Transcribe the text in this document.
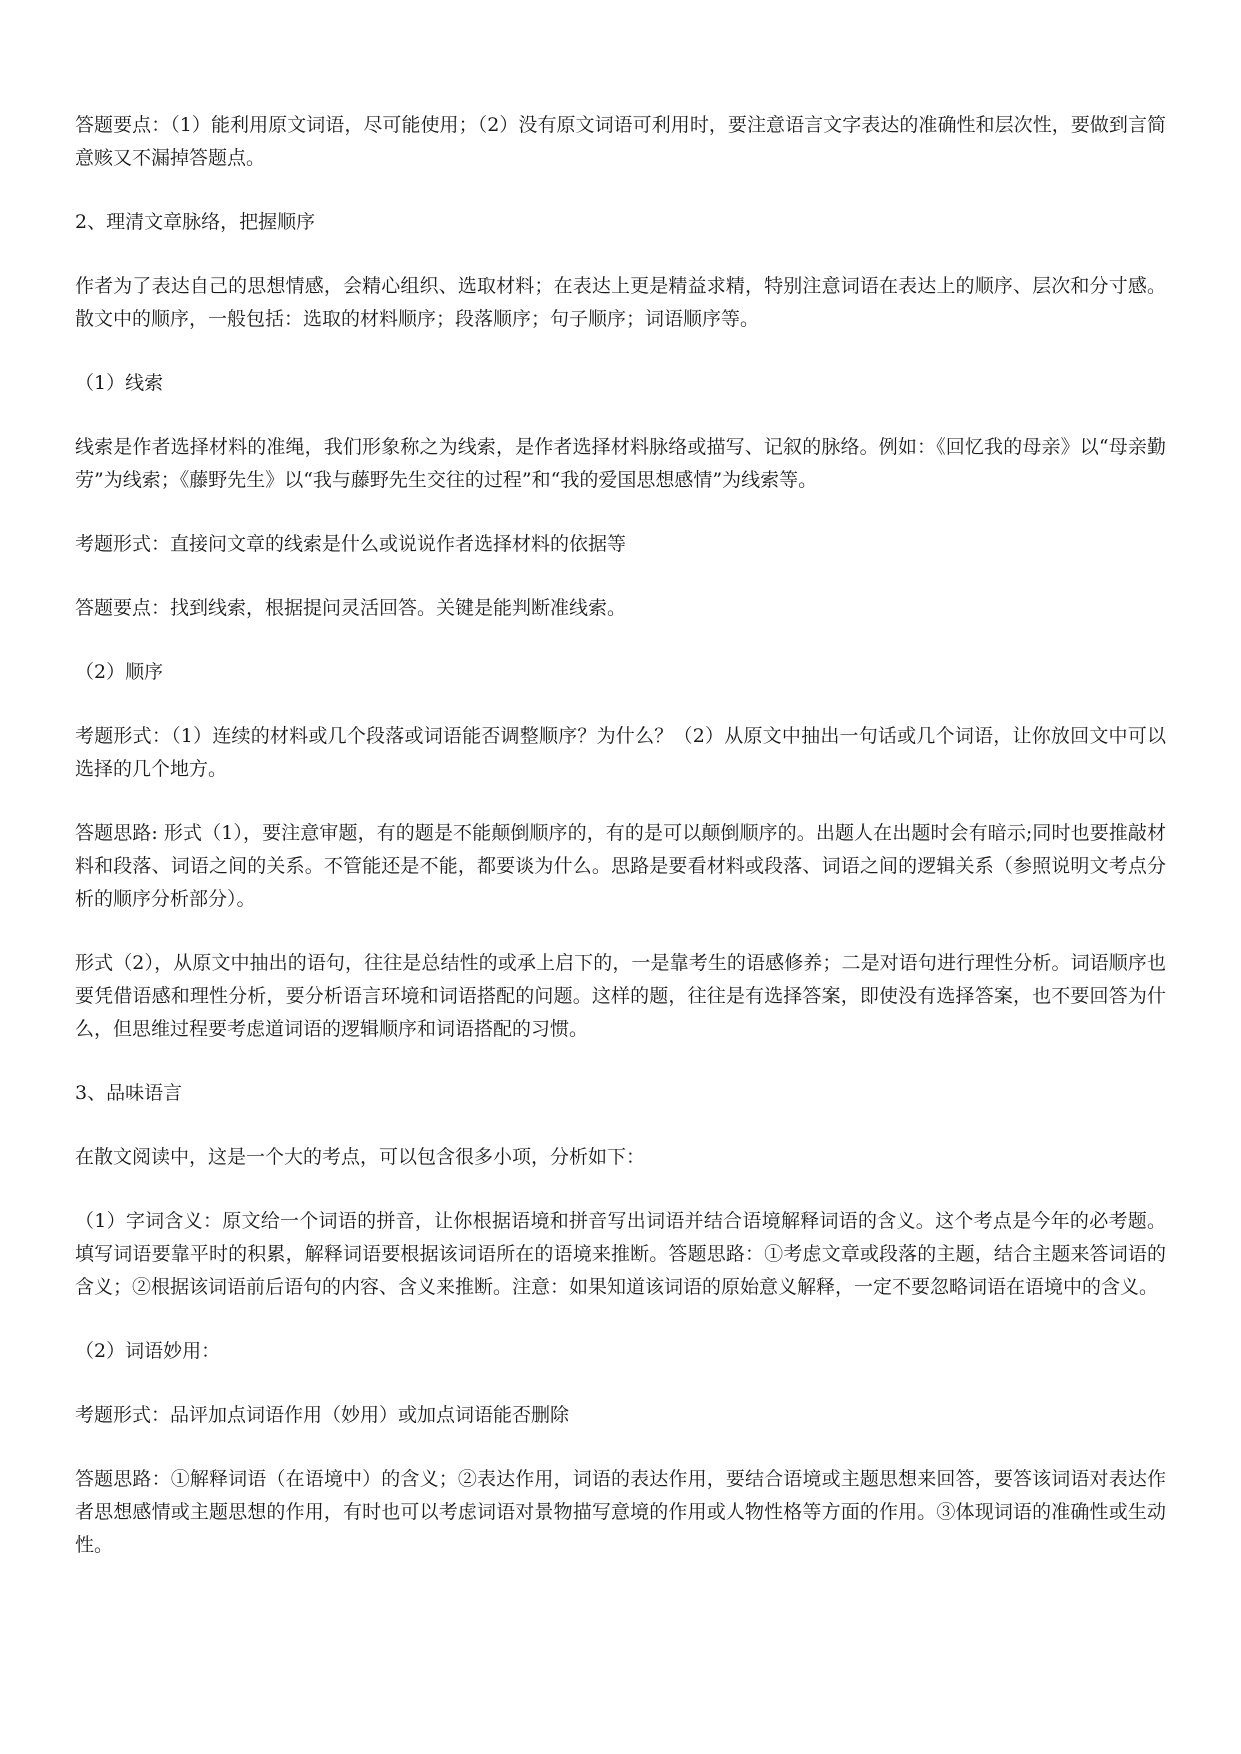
答题要点：（1）能利用原文词语，尽可能使用；（2）没有原文词语可利用时，要注意语言文字表达的准确性和层次性，要做到言简意赅又不漏掉答题点。

2、理清文章脉络，把握顺序

作者为了表达自己的思想情感，会精心组织、选取材料；在表达上更是精益求精，特别注意词语在表达上的顺序、层次和分寸感。散文中的顺序，一般包括：选取的材料顺序；段落顺序；句子顺序；词语顺序等。

（1）线索

线索是作者选择材料的准绳，我们形象称之为线索，是作者选择材料脉络或描写、记叙的脉络。例如：《回忆我的母亲》以“母亲勤劳”为线索；《藤野先生》以“我与藤野先生交往的过程”和“我的爱国思想感情”为线索等。

考题形式：直接问文章的线索是什么或说说作者选择材料的依据等

答题要点：找到线索，根据提问灵活回答。关键是能判断准线索。

（2）顺序

考题形式：（1）连续的材料或几个段落或词语能否调整顺序？为什么？（2）从原文中抽出一句话或几个词语，让你放回文中可以选择的几个地方。

答题思路: 形式（1），要注意审题，有的题是不能颠倒顺序的，有的是可以颠倒顺序的。出题人在出题时会有暗示;同时也要推敲材料和段落、词语之间的关系。不管能还是不能，都要谈为什么。思路是要看材料或段落、词语之间的逻辑关系（参照说明文考点分析的顺序分析部分）。

形式（2），从原文中抽出的语句，往往是总结性的或承上启下的，一是靠考生的语感修养；二是对语句进行理性分析。词语顺序也要凭借语感和理性分析，要分析语言环境和词语搭配的问题。这样的题，往往是有选择答案，即使没有选择答案，也不要回答为什么，但思维过程要考虑道词语的逻辑顺序和词语搭配的习惯。

3、品味语言

在散文阅读中，这是一个大的考点，可以包含很多小项，分析如下：

（1）字词含义：原文给一个词语的拼音，让你根据语境和拼音写出词语并结合语境解释词语的含义。这个考点是今年的必考题。填写词语要靠平时的积累，解释词语要根据该词语所在的语境来推断。答题思路：①考虑文章或段落的主题，结合主题来答词语的含义；②根据该词语前后语句的内容、含义来推断。注意：如果知道该词语的原始意义解释，一定不要忽略词语在语境中的含义。

（2）词语妙用：

考题形式：品评加点词语作用（妙用）或加点词语能否删除

答题思路：①解释词语（在语境中）的含义；②表达作用，词语的表达作用，要结合语境或主题思想来回答，要答该词语对表达作者思想感情或主题思想的作用，有时也可以考虑词语对景物描写意境的作用或人物性格等方面的作用。③体现词语的准确性或生动性。
